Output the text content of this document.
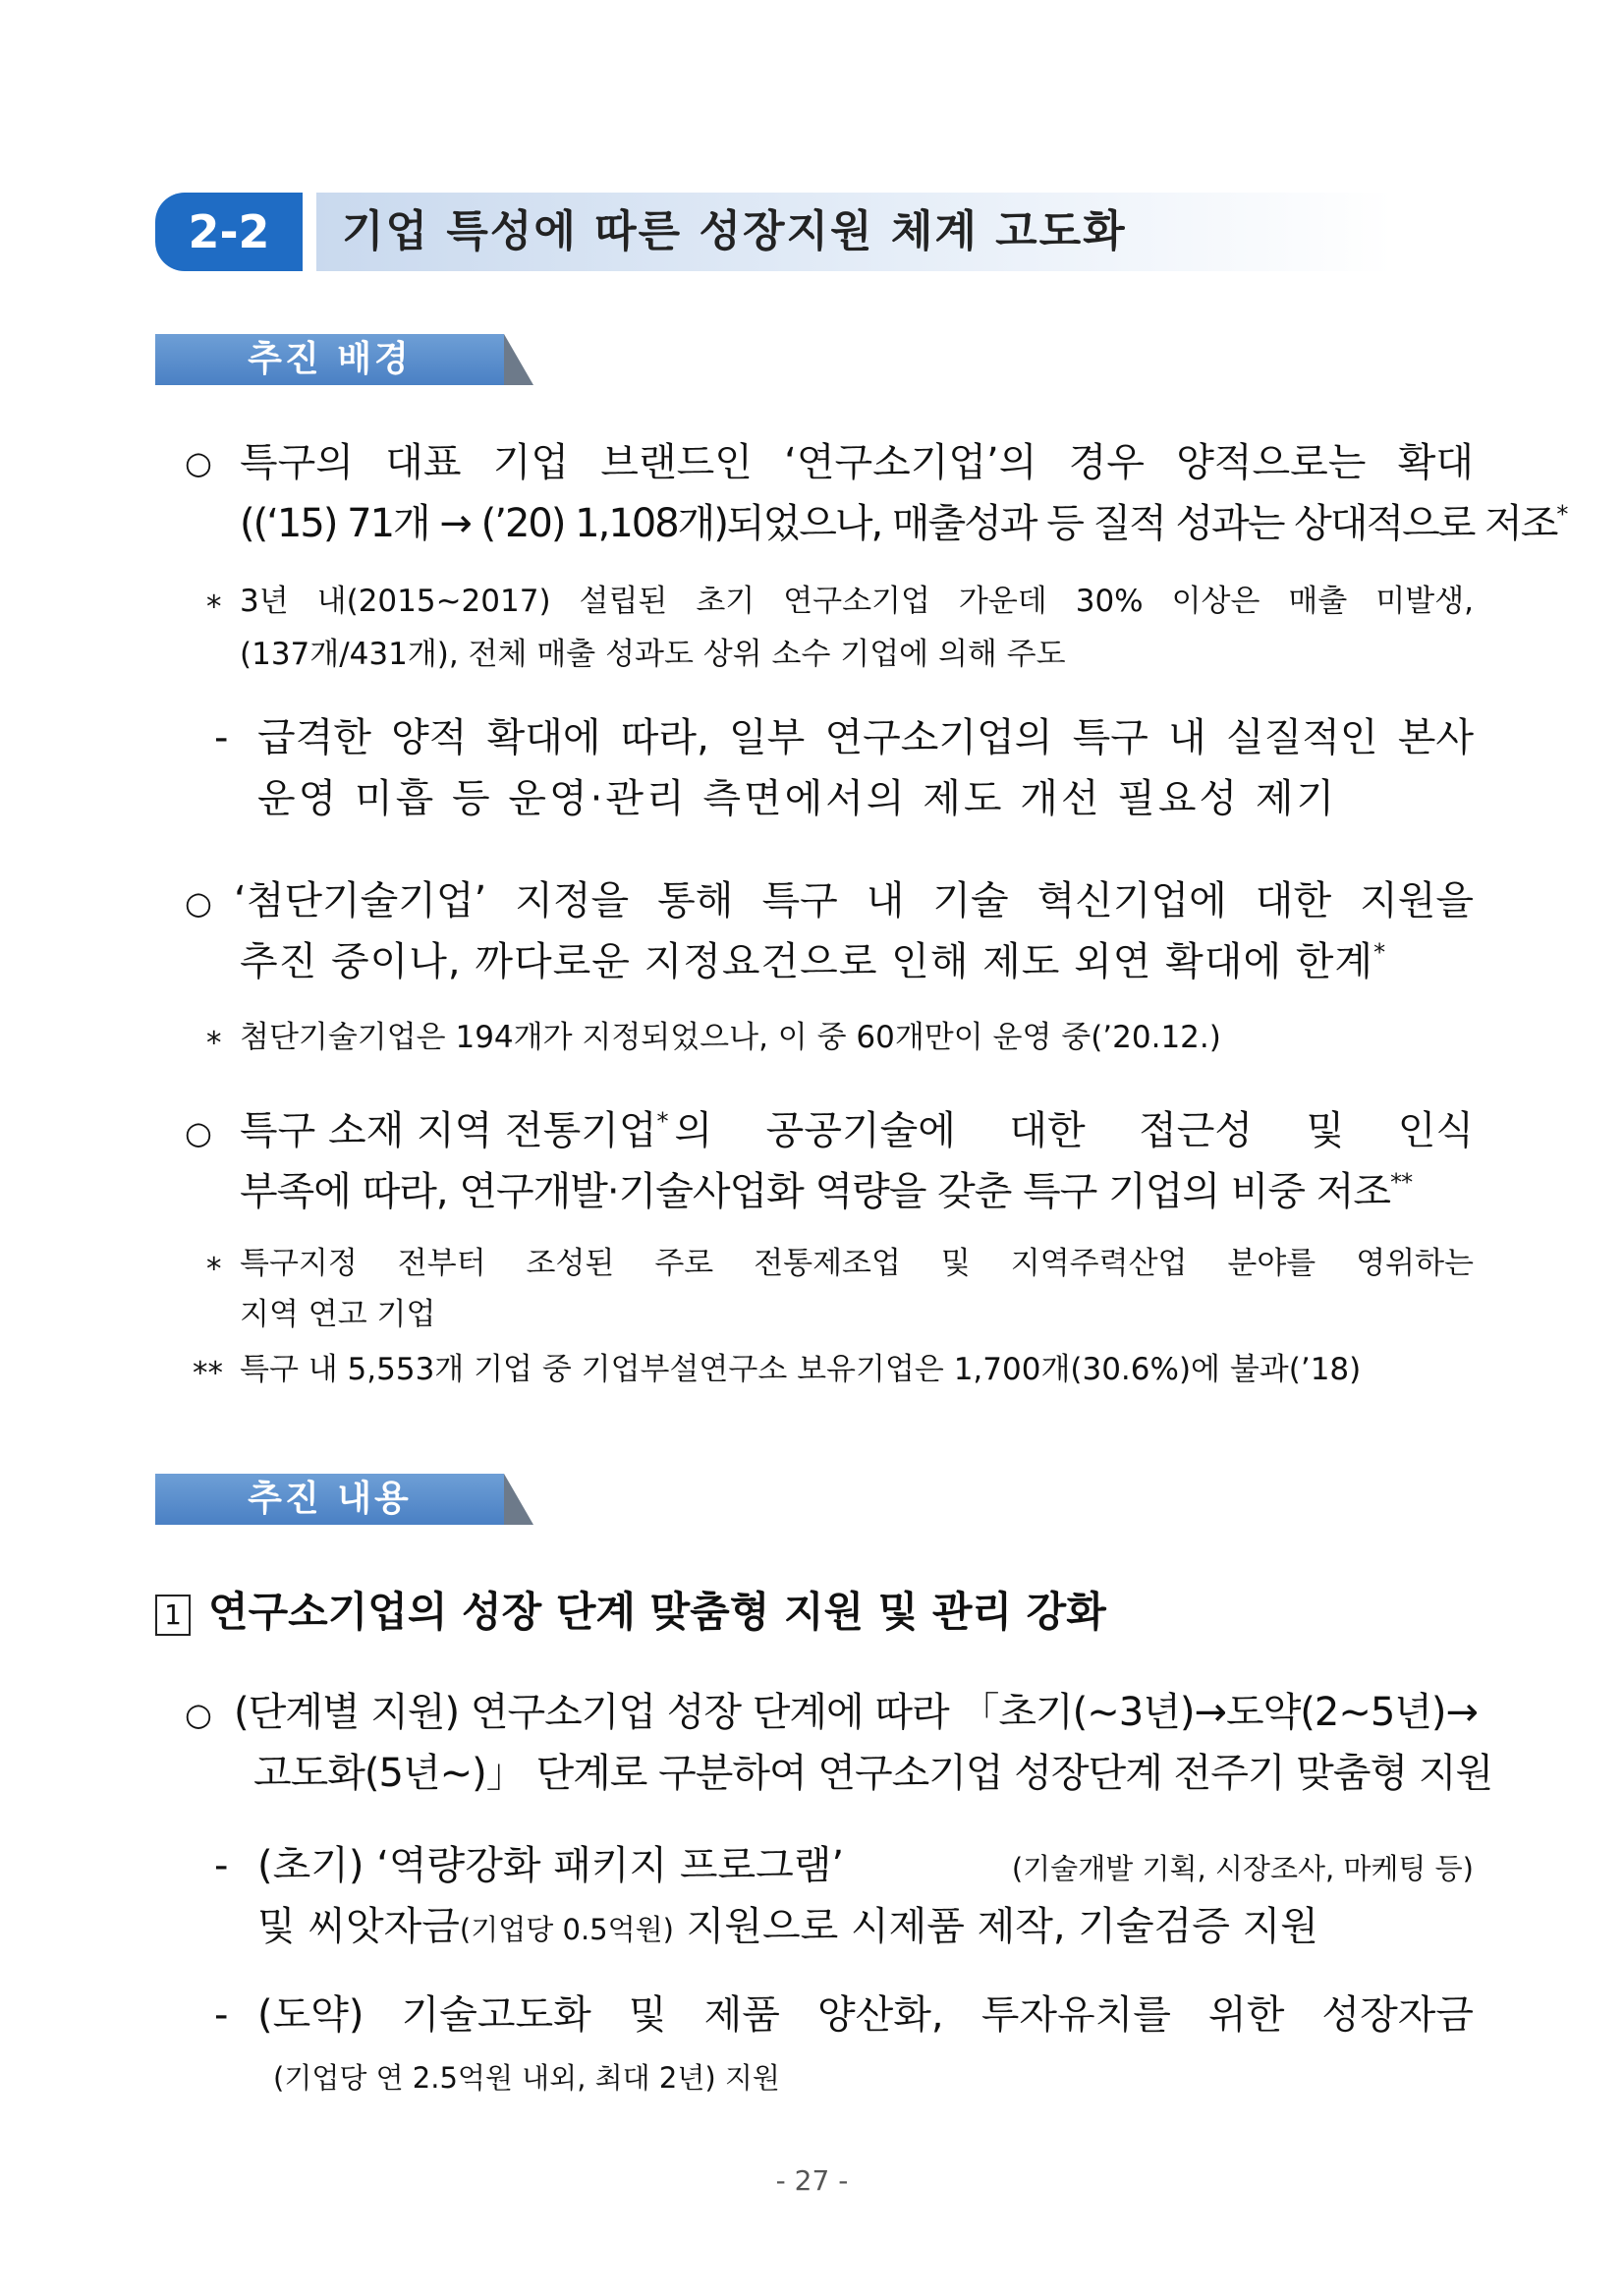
2-2	기업 특성에 따른 성장지원 체계 고도화
추진 배경
○ 특구의 대표 기업 브랜드인 ‘연구소기업’의 경우 양적으로는 확대
((‘15) 71개 → (’20) 1,108개)되었으나, 매출성과 등 질적 성과는 상대적으로 저조*
* 3년 내(2015~2017) 설립된 초기 연구소기업 가운데 30% 이상은 매출 미발생,
(137개/431개), 전체 매출 성과도 상위 소수 기업에 의해 주도
- 급격한 양적 확대에 따라, 일부 연구소기업의 특구 내 실질적인 본사
운영 미흡 등 운영·관리 측면에서의 제도 개선 필요성 제기
○ ‘첨단기술기업’ 지정을 통해 특구 내 기술 혁신기업에 대한 지원을
추진 중이나, 까다로운 지정요건으로 인해 제도 외연 확대에 한계*
* 첨단기술기업은 194개가 지정되었으나, 이 중 60개만이 운영 중(’20.12.)
○ 특구 소재 지역 전통기업* 의 공공기술에 대한 접근성 및 인식
부족에 따라, 연구개발·기술사업화 역량을 갖춘 특구 기업의 비중 저조**
* 특구지정 전부터 조성된 주로 전통제조업 및 지역주력산업 분야를 영위하는
지역 연고 기업
** 특구 내 5,553개 기업 중 기업부설연구소 보유기업은 1,700개(30.6%)에 불과(’18)
추진 내용
1 연구소기업의 성장 단계 맞춤형 지원 및 관리 강화
○ (단계별 지원) 연구소기업 성장 단계에 따라 「초기(~3년)→도약(2~5년)→
고도화(5년~)」 단계로 구분하여 연구소기업 성장단계 전주기 맞춤형 지원
- (초기) ‘역량강화 패키지 프로그램’	(기술개발 기획, 시장조사, 마케팅 등)
및 씨앗자금(기업당 0.5억원) 지원으로 시제품 제작, 기술검증 지원
- (도약) 기술고도화 및 제품 양산화, 투자유치를 위한 성장자금
(기업당 연 2.5억원 내외, 최대 2년) 지원
- 27 -
